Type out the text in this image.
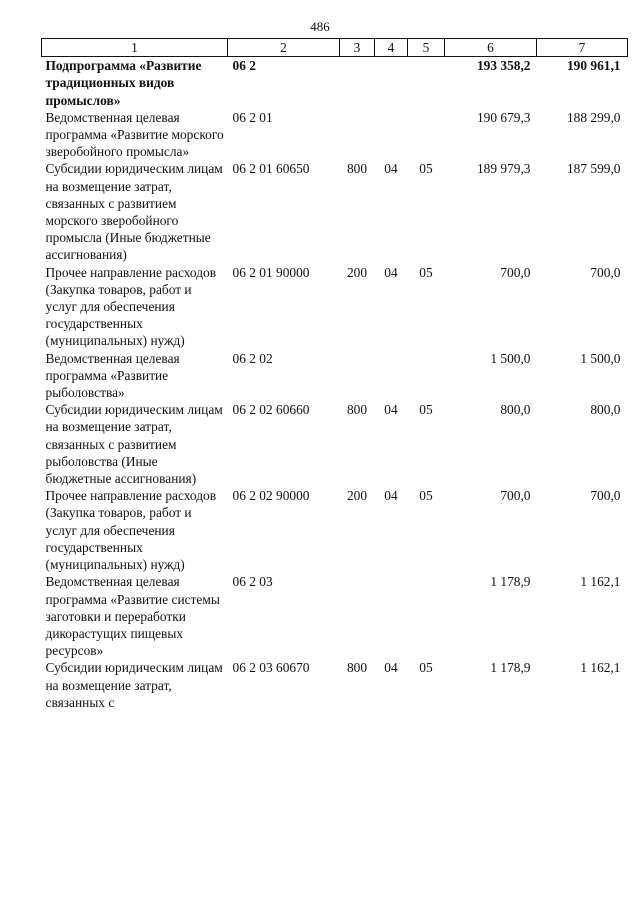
486
1	2	3	4	5	6	7
Подпрограмма «Развитие традиционных видов промыслов»	06 2				193 358,2	190 961,1
Ведомственная целевая программа «Развитие морского зверобойного промысла»	06 2 01				190 679,3	188 299,0
Субсидии юридическим лицам на возмещение затрат, связанных с развитием морского зверобойного промысла (Иные бюджетные ассигнования)	06 2 01 60650	800	04	05	189 979,3	187 599,0
Прочее направление расходов (Закупка товаров, работ и услуг для обеспечения государственных (муниципальных) нужд)	06 2 01 90000	200	04	05	700,0	700,0
Ведомственная целевая программа «Развитие рыболовства»	06 2 02				1 500,0	1 500,0
Субсидии юридическим лицам на возмещение затрат, связанных с развитием рыболовства (Иные бюджетные ассигнования)	06 2 02 60660	800	04	05	800,0	800,0
Прочее направление расходов (Закупка товаров, работ и услуг для обеспечения государственных (муниципальных) нужд)	06 2 02 90000	200	04	05	700,0	700,0
Ведомственная целевая программа «Развитие системы заготовки и переработки дикорастущих пищевых ресурсов»	06 2 03				1 178,9	1 162,1
Субсидии юридическим лицам на возмещение затрат, связанных с	06 2 03 60670	800	04	05	1 178,9	1 162,1
